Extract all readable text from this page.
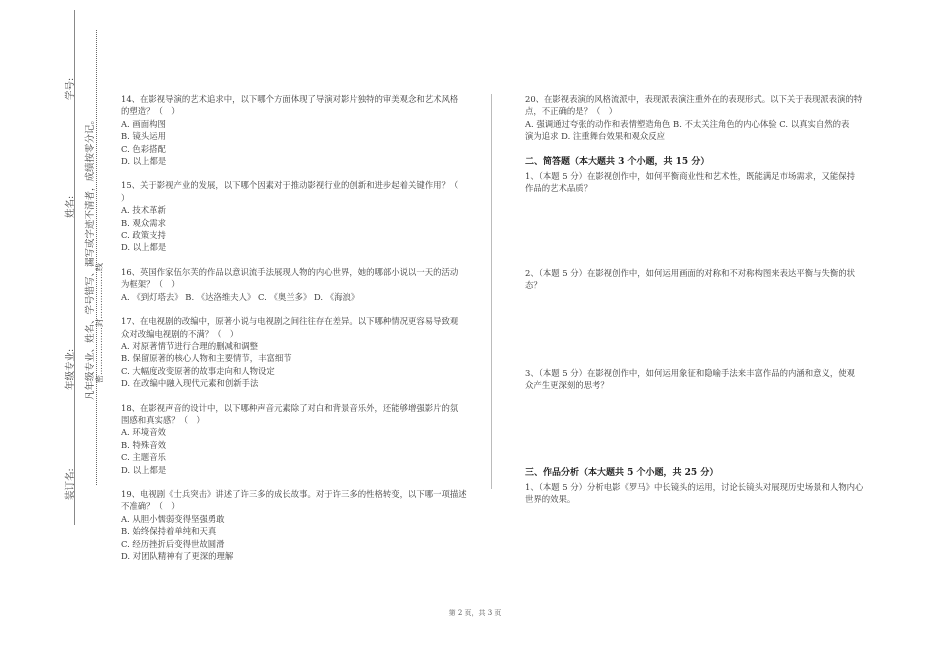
学号:
姓名:
年级专业:
装订名:
凡年级专业、姓名、学号错写、漏写或字迹不清者，成绩按零分记。 密………………封………………线

14、在影视导演的艺术追求中，以下哪个方面体现了导演对影片独特的审美观念和艺术风格

的塑造？（　）

A. 画面构图

B. 镜头运用

C. 色彩搭配

D. 以上都是

15、关于影视产业的发展，以下哪个因素对于推动影视行业的创新和进步起着关键作用？（

）

A. 技术革新

B. 观众需求

C. 政策支持

D. 以上都是

16、英国作家伍尔芙的作品以意识流手法展现人物的内心世界，她的哪部小说以一天的活动

为框架？（　）

A. 《到灯塔去》 B. 《达洛维夫人》 C. 《奥兰多》 D. 《海浪》

17、在电视剧的改编中，原著小说与电视剧之间往往存在差异。以下哪种情况更容易导致观

众对改编电视剧的不满？（　）

A. 对原著情节进行合理的删减和调整

B. 保留原著的核心人物和主要情节，丰富细节

C. 大幅度改变原著的故事走向和人物设定

D. 在改编中融入现代元素和创新手法

18、在影视声音的设计中，以下哪种声音元素除了对白和背景音乐外，还能够增强影片的氛

围感和真实感？（　）

A. 环境音效

B. 特殊音效

C. 主题音乐

D. 以上都是

19、电视剧《士兵突击》讲述了许三多的成长故事。对于许三多的性格转变，以下哪一项描述

不准确？（　）

A. 从胆小懦弱变得坚强勇敢

B. 始终保持着单纯和天真

C. 经历挫折后变得世故圆滑

D. 对团队精神有了更深的理解

20、在影视表演的风格流派中，表现派表演注重外在的表现形式。以下关于表现派表演的特

点，不正确的是？（　）

A. 强调通过夸张的动作和表情塑造角色 B. 不太关注角色的内心体验 C. 以真实自然的表

演为追求 D. 注重舞台效果和观众反应

二、简答题（本大题共 3 个小题，共 15 分）

1、（本题 5 分）在影视创作中，如何平衡商业性和艺术性，既能满足市场需求，又能保持

作品的艺术品质？

2、（本题 5 分）在影视创作中，如何运用画面的对称和不对称构图来表达平衡与失衡的状

态？

3、（本题 5 分）在影视创作中，如何运用象征和隐喻手法来丰富作品的内涵和意义，使观

众产生更深刻的思考？

三、作品分析（本大题共 5 个小题，共 25 分）

1、（本题 5 分）分析电影《罗马》中长镜头的运用，讨论长镜头对展现历史场景和人物内心

世界的效果。

第 2 页，共 3 页
